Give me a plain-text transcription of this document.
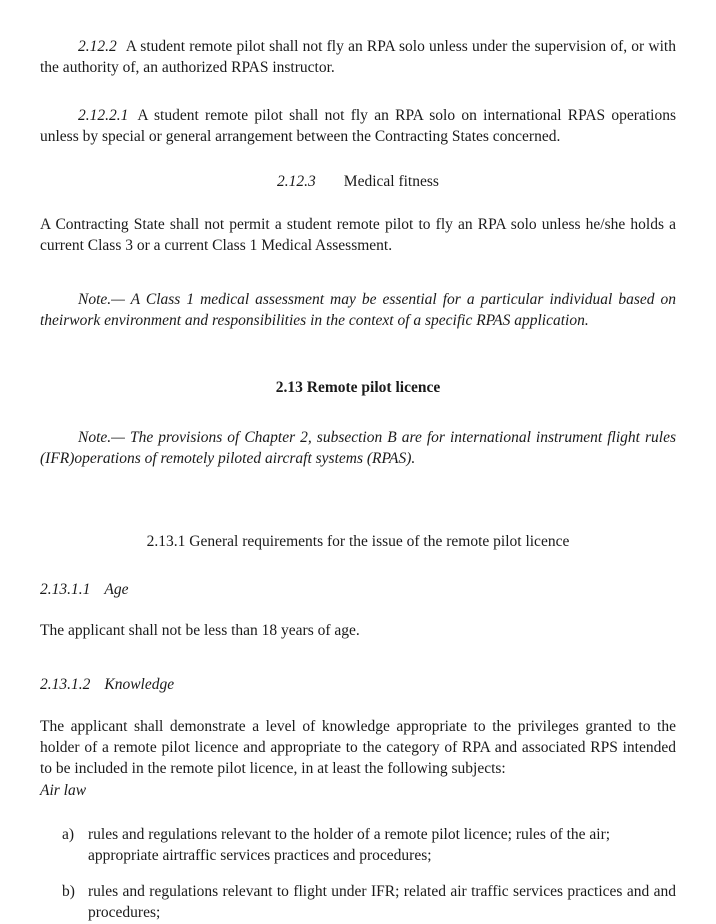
2.12.2 A student remote pilot shall not fly an RPA solo unless under the supervision of, or with the authority of, an authorized RPAS instructor.

2.12.2.1 A student remote pilot shall not fly an RPA solo on international RPAS operations unless by special or general arrangement between the Contracting States concerned.

2.12.3 Medical fitness

A Contracting State shall not permit a student remote pilot to fly an RPA solo unless he/she holds a current Class 3 or a current Class 1 Medical Assessment.

Note.— A Class 1 medical assessment may be essential for a particular individual based on theirwork environment and responsibilities in the context of a specific RPAS application.

2.13 Remote pilot licence

Note.— The provisions of Chapter 2, subsection B are for international instrument flight rules (IFR)operations of remotely piloted aircraft systems (RPAS).

2.13.1 General requirements for the issue of the remote pilot licence

2.13.1.1 Age

The applicant shall not be less than 18 years of age.

2.13.1.2 Knowledge

The applicant shall demonstrate a level of knowledge appropriate to the privileges granted to the holder of a remote pilot licence and appropriate to the category of RPA and associated RPS intended to be included in the remote pilot licence, in at least the following subjects:

Air law

a) rules and regulations relevant to the holder of a remote pilot licence; rules of the air; appropriate airtraffic services practices and procedures;
b) rules and regulations relevant to flight under IFR; related air traffic services practices and and procedures;
